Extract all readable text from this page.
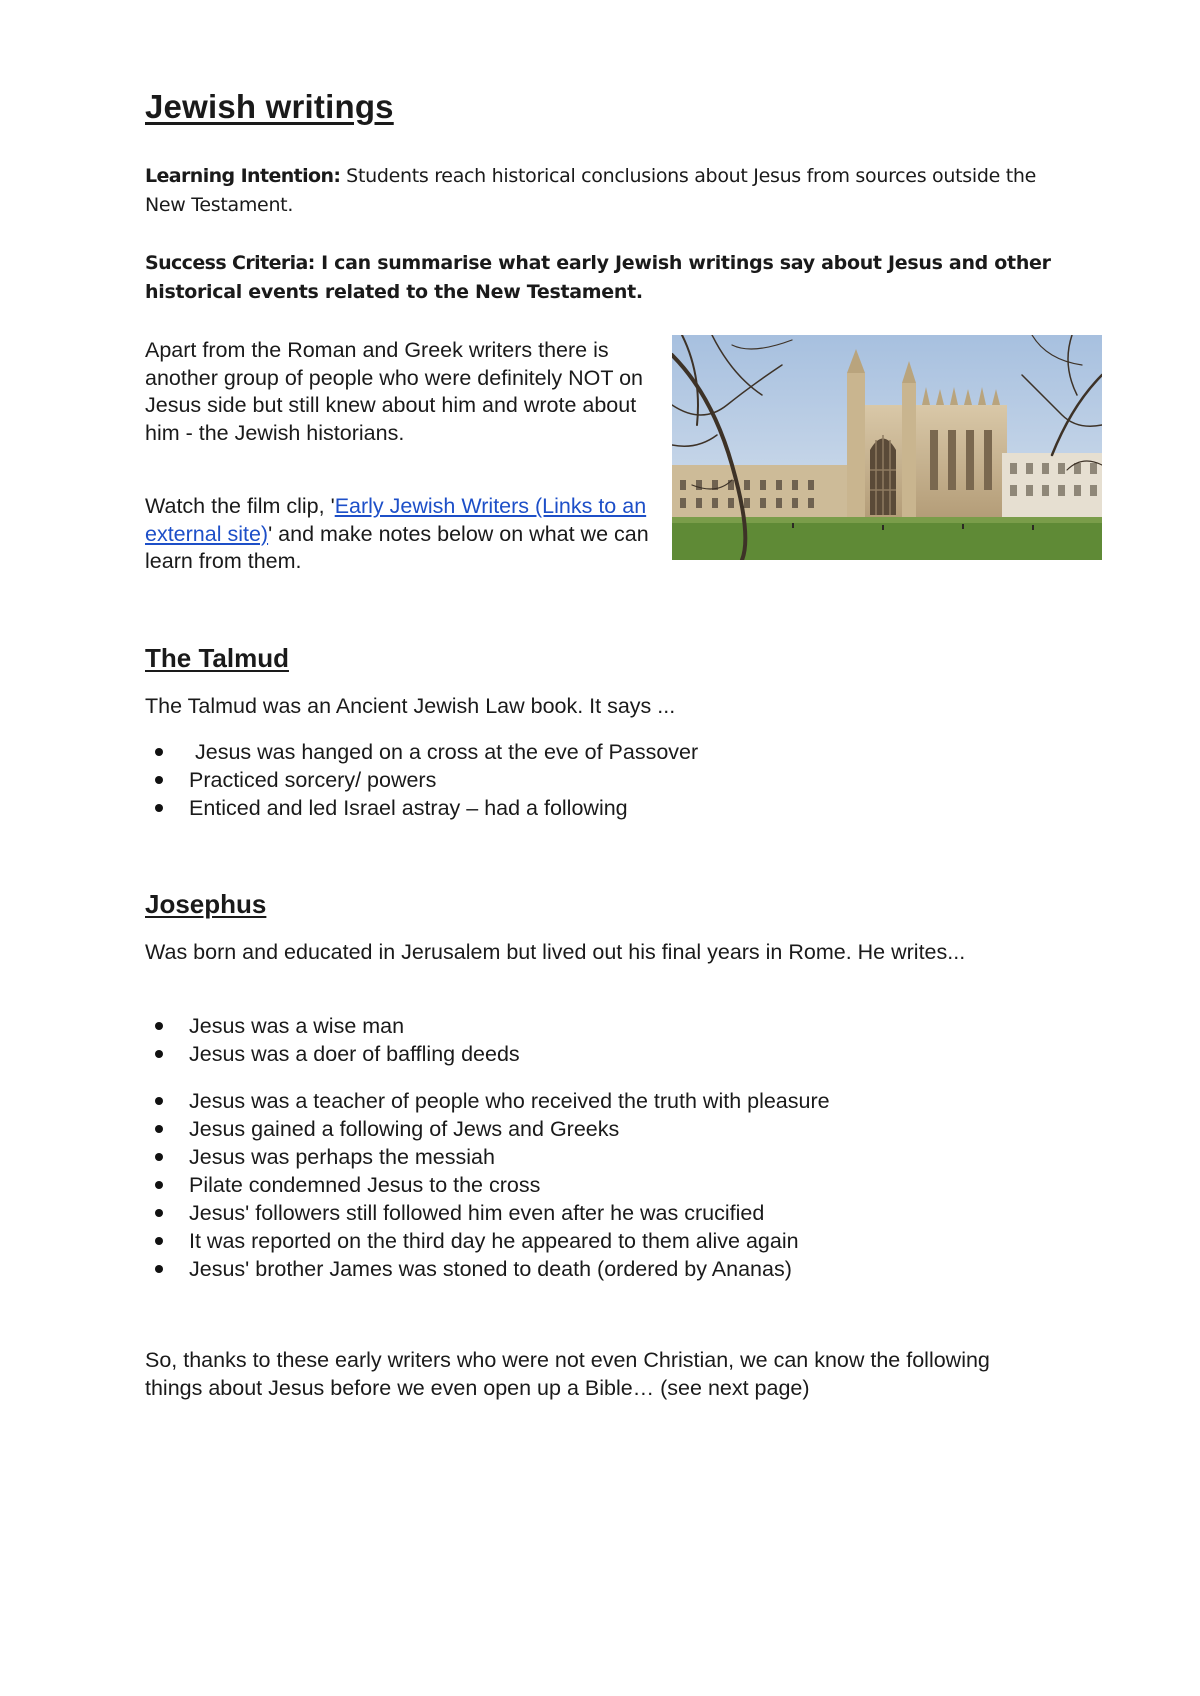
Jewish writings

Learning Intention: Students reach historical conclusions about Jesus from sources outside the New Testament.

Success Criteria: I can summarise what early Jewish writings say about Jesus and other historical events related to the New Testament.

Apart from the Roman and Greek writers there is another group of people who were definitely NOT on Jesus side but still knew about him and wrote about him - the Jewish historians.

Watch the film clip, 'Early Jewish Writers (Links to an external site)' and make notes below on what we can learn from them.

The Talmud

The Talmud was an Ancient Jewish Law book. It says ...

Jesus was hanged on a cross at the eve of Passover
Practiced sorcery/ powers
Enticed and led Israel astray – had a following
Josephus

Was born and educated in Jerusalem but lived out his final years in Rome. He writes...

Jesus was a wise man
Jesus was a doer of baffling deeds
Jesus was a teacher of people who received the truth with pleasure
Jesus gained a following of Jews and Greeks
Jesus was perhaps the messiah
Pilate condemned Jesus to the cross
Jesus' followers still followed him even after he was crucified
It was reported on the third day he appeared to them alive again
Jesus' brother James was stoned to death (ordered by Ananas)

So, thanks to these early writers who were not even Christian, we can know the following things about Jesus before we even open up a Bible… (see next page)
